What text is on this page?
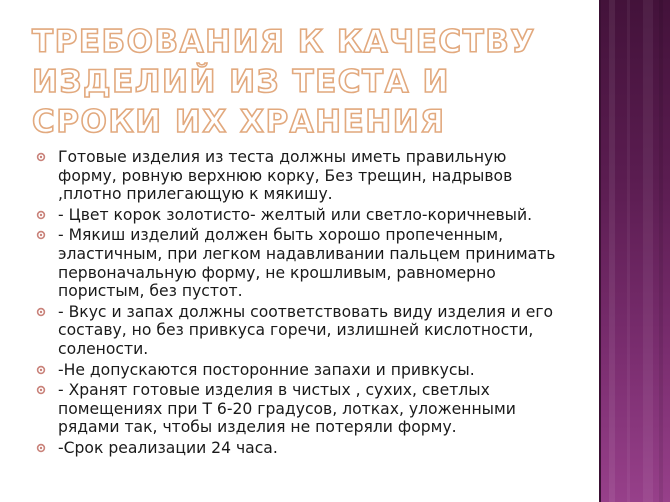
ТРЕБОВАНИЯ К КАЧЕСТВУ ИЗДЕЛИЙ ИЗ ТЕСТА И СРОКИ ИХ ХРАНЕНИЯ
Готовые изделия из теста должны иметь правильную форму, ровную верхнюю корку, Без трещин, надрывов ,плотно прилегающую к мякишу.
- Цвет корок золотисто- желтый или светло-коричневый.
- Мякиш изделий должен быть хорошо пропеченным, эластичным, при легком надавливании пальцем принимать первоначальную форму, не крошливым, равномерно пористым, без пустот.
- Вкус и запах должны соответствовать виду изделия и его составу, но без привкуса горечи, излишней кислотности, солености.
-Не допускаются посторонние запахи и привкусы.
- Хранят готовые изделия в чистых , сухих, светлых помещениях при Т 6-20 градусов, лотках, уложенными рядами так, чтобы изделия не потеряли форму.
-Срок реализации 24 часа.
